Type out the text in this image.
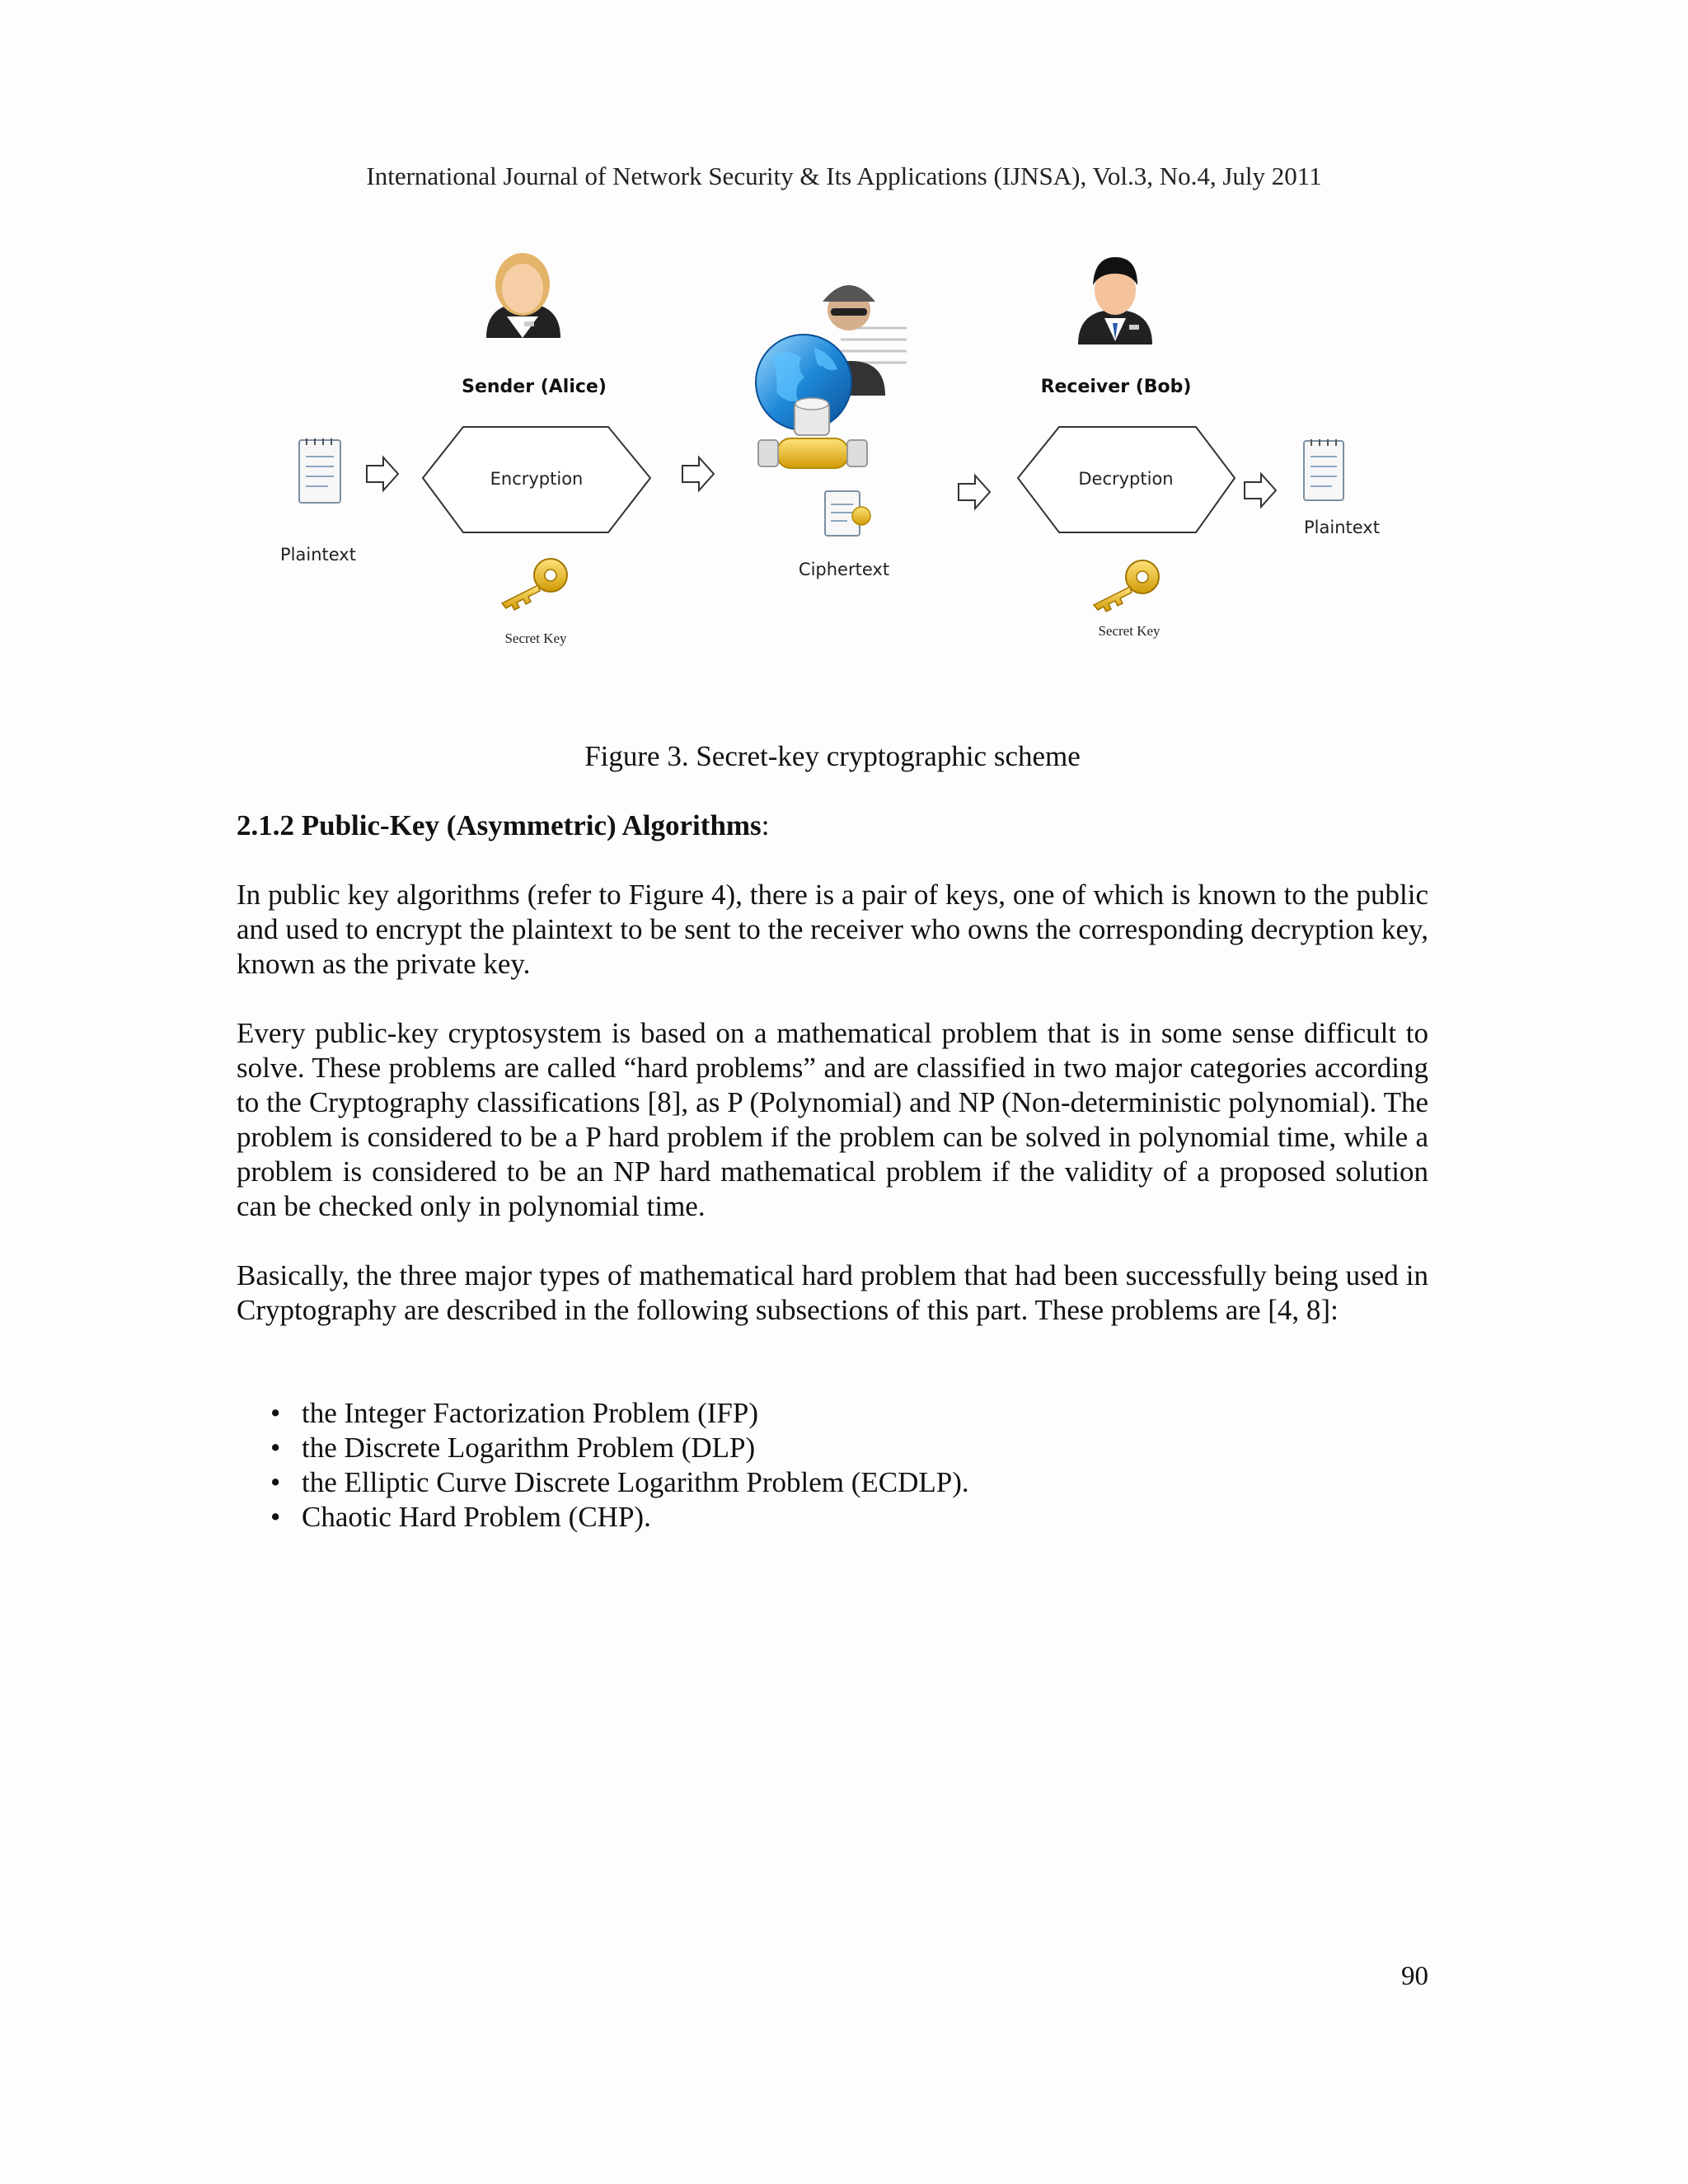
International Journal of Network Security & Its Applications (IJNSA), Vol.3, No.4, July 2011
Plaintext
Sender (Alice)
Encryption
Secret Key
Ciphertext
Receiver (Bob)
Decryption
Secret Key
Plaintext
Figure 3. Secret-key cryptographic scheme
2.1.2 Public-Key (Asymmetric) Algorithms:

In public key algorithms (refer to Figure 4), there is a pair of keys, one of which is known to the public and used to encrypt the plaintext to be sent to the receiver who owns the corresponding decryption key, known as the private key.

Every public-key cryptosystem is based on a mathematical problem that is in some sense difficult to solve. These problems are called “hard problems” and are classified in two major categories according to the Cryptography classifications [8], as P (Polynomial) and NP (Non-deterministic polynomial). The problem is considered to be a P hard problem if the problem can be solved in polynomial time, while a problem is considered to be an NP hard mathematical problem if the validity of a proposed solution can be checked only in polynomial time.

Basically, the three major types of mathematical hard problem that had been successfully being used in Cryptography are described in the following subsections of this part. These problems are [4, 8]:

• the Integer Factorization Problem (IFP)
• the Discrete Logarithm Problem (DLP)
• the Elliptic Curve Discrete Logarithm Problem (ECDLP).
• Chaotic Hard Problem (CHP).
90
